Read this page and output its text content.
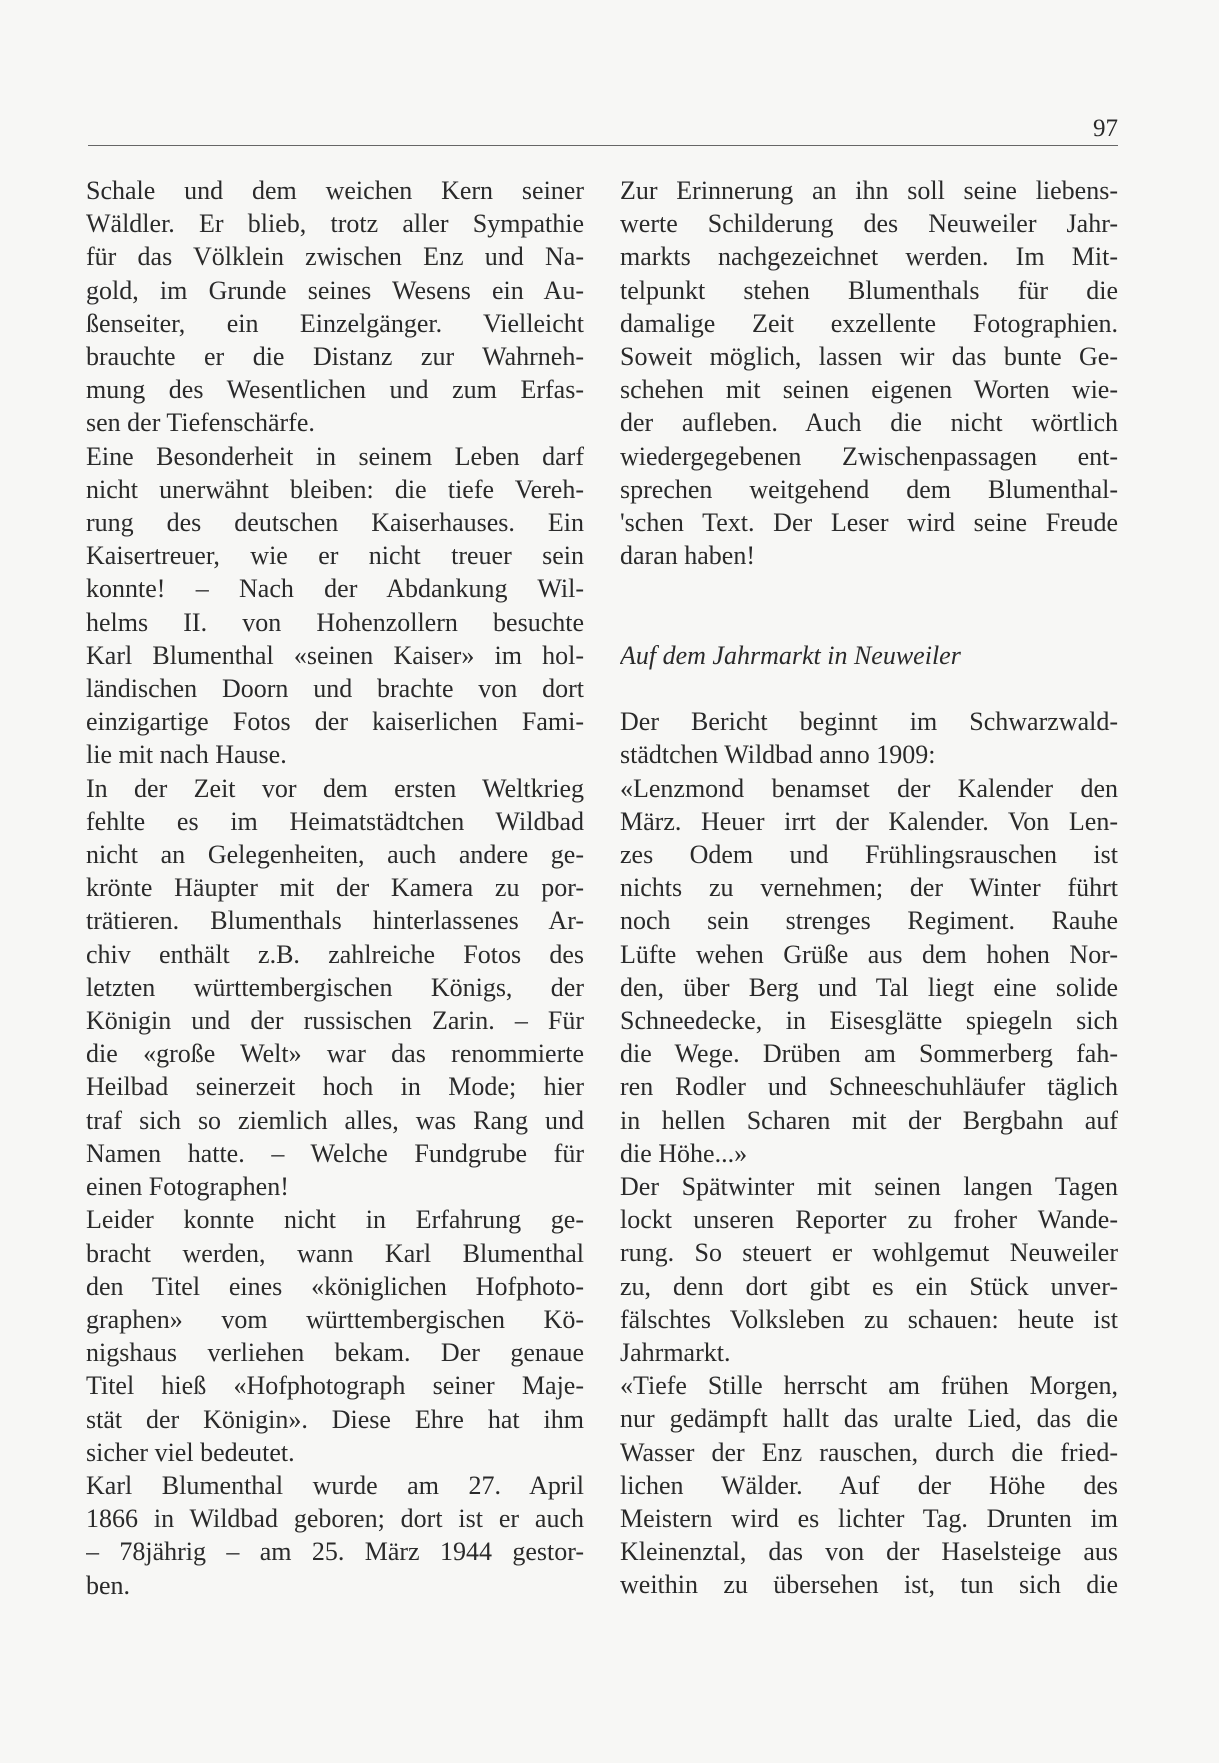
97

Schale und dem weichen Kern seiner

Wäldler. Er blieb, trotz aller Sympathie

für das Völklein zwischen Enz und Na-

gold, im Grunde seines Wesens ein Au-

ßenseiter, ein Einzelgänger. Vielleicht

brauchte er die Distanz zur Wahrneh-

mung des Wesentlichen und zum Erfas-

sen der Tiefenschärfe.

Eine Besonderheit in seinem Leben darf

nicht unerwähnt bleiben: die tiefe Vereh-

rung des deutschen Kaiserhauses. Ein

Kaisertreuer, wie er nicht treuer sein

konnte! – Nach der Abdankung Wil-

helms II. von Hohenzollern besuchte

Karl Blumenthal «seinen Kaiser» im hol-

ländischen Doorn und brachte von dort

einzigartige Fotos der kaiserlichen Fami-

lie mit nach Hause.

In der Zeit vor dem ersten Weltkrieg

fehlte es im Heimatstädtchen Wildbad

nicht an Gelegenheiten, auch andere ge-

krönte Häupter mit der Kamera zu por-

trätieren. Blumenthals hinterlassenes Ar-

chiv enthält z.B. zahlreiche Fotos des

letzten württembergischen Königs, der

Königin und der russischen Zarin. – Für

die «große Welt» war das renommierte

Heilbad seinerzeit hoch in Mode; hier

traf sich so ziemlich alles, was Rang und

Namen hatte. – Welche Fundgrube für

einen Fotographen!

Leider konnte nicht in Erfahrung ge-

bracht werden, wann Karl Blumenthal

den Titel eines «königlichen Hofphoto-

graphen» vom württembergischen Kö-

nigshaus verliehen bekam. Der genaue

Titel hieß «Hofphotograph seiner Maje-

stät der Königin». Diese Ehre hat ihm

sicher viel bedeutet.

Karl Blumenthal wurde am 27. April

1866 in Wildbad geboren; dort ist er auch

– 78jährig – am 25. März 1944 gestor-

ben.

Zur Erinnerung an ihn soll seine liebens-

werte Schilderung des Neuweiler Jahr-

markts nachgezeichnet werden. Im Mit-

telpunkt stehen Blumenthals für die

damalige Zeit exzellente Fotographien.

Soweit möglich, lassen wir das bunte Ge-

schehen mit seinen eigenen Worten wie-

der aufleben. Auch die nicht wörtlich

wiedergegebenen Zwischenpassagen ent-

sprechen weitgehend dem Blumenthal-

'schen Text. Der Leser wird seine Freude

daran haben!

Auf dem Jahrmarkt in Neuweiler

Der Bericht beginnt im Schwarzwald-

städtchen Wildbad anno 1909:

«Lenzmond benamset der Kalender den

März. Heuer irrt der Kalender. Von Len-

zes Odem und Frühlingsrauschen ist

nichts zu vernehmen; der Winter führt

noch sein strenges Regiment. Rauhe

Lüfte wehen Grüße aus dem hohen Nor-

den, über Berg und Tal liegt eine solide

Schneedecke, in Eisesglätte spiegeln sich

die Wege. Drüben am Sommerberg fah-

ren Rodler und Schneeschuhläufer täglich

in hellen Scharen mit der Bergbahn auf

die Höhe...»

Der Spätwinter mit seinen langen Tagen

lockt unseren Reporter zu froher Wande-

rung. So steuert er wohlgemut Neuweiler

zu, denn dort gibt es ein Stück unver-

fälschtes Volksleben zu schauen: heute ist

Jahrmarkt.

«Tiefe Stille herrscht am frühen Morgen,

nur gedämpft hallt das uralte Lied, das die

Wasser der Enz rauschen, durch die fried-

lichen Wälder. Auf der Höhe des

Meistern wird es lichter Tag. Drunten im

Kleinenztal, das von der Haselsteige aus

weithin zu übersehen ist, tun sich die
